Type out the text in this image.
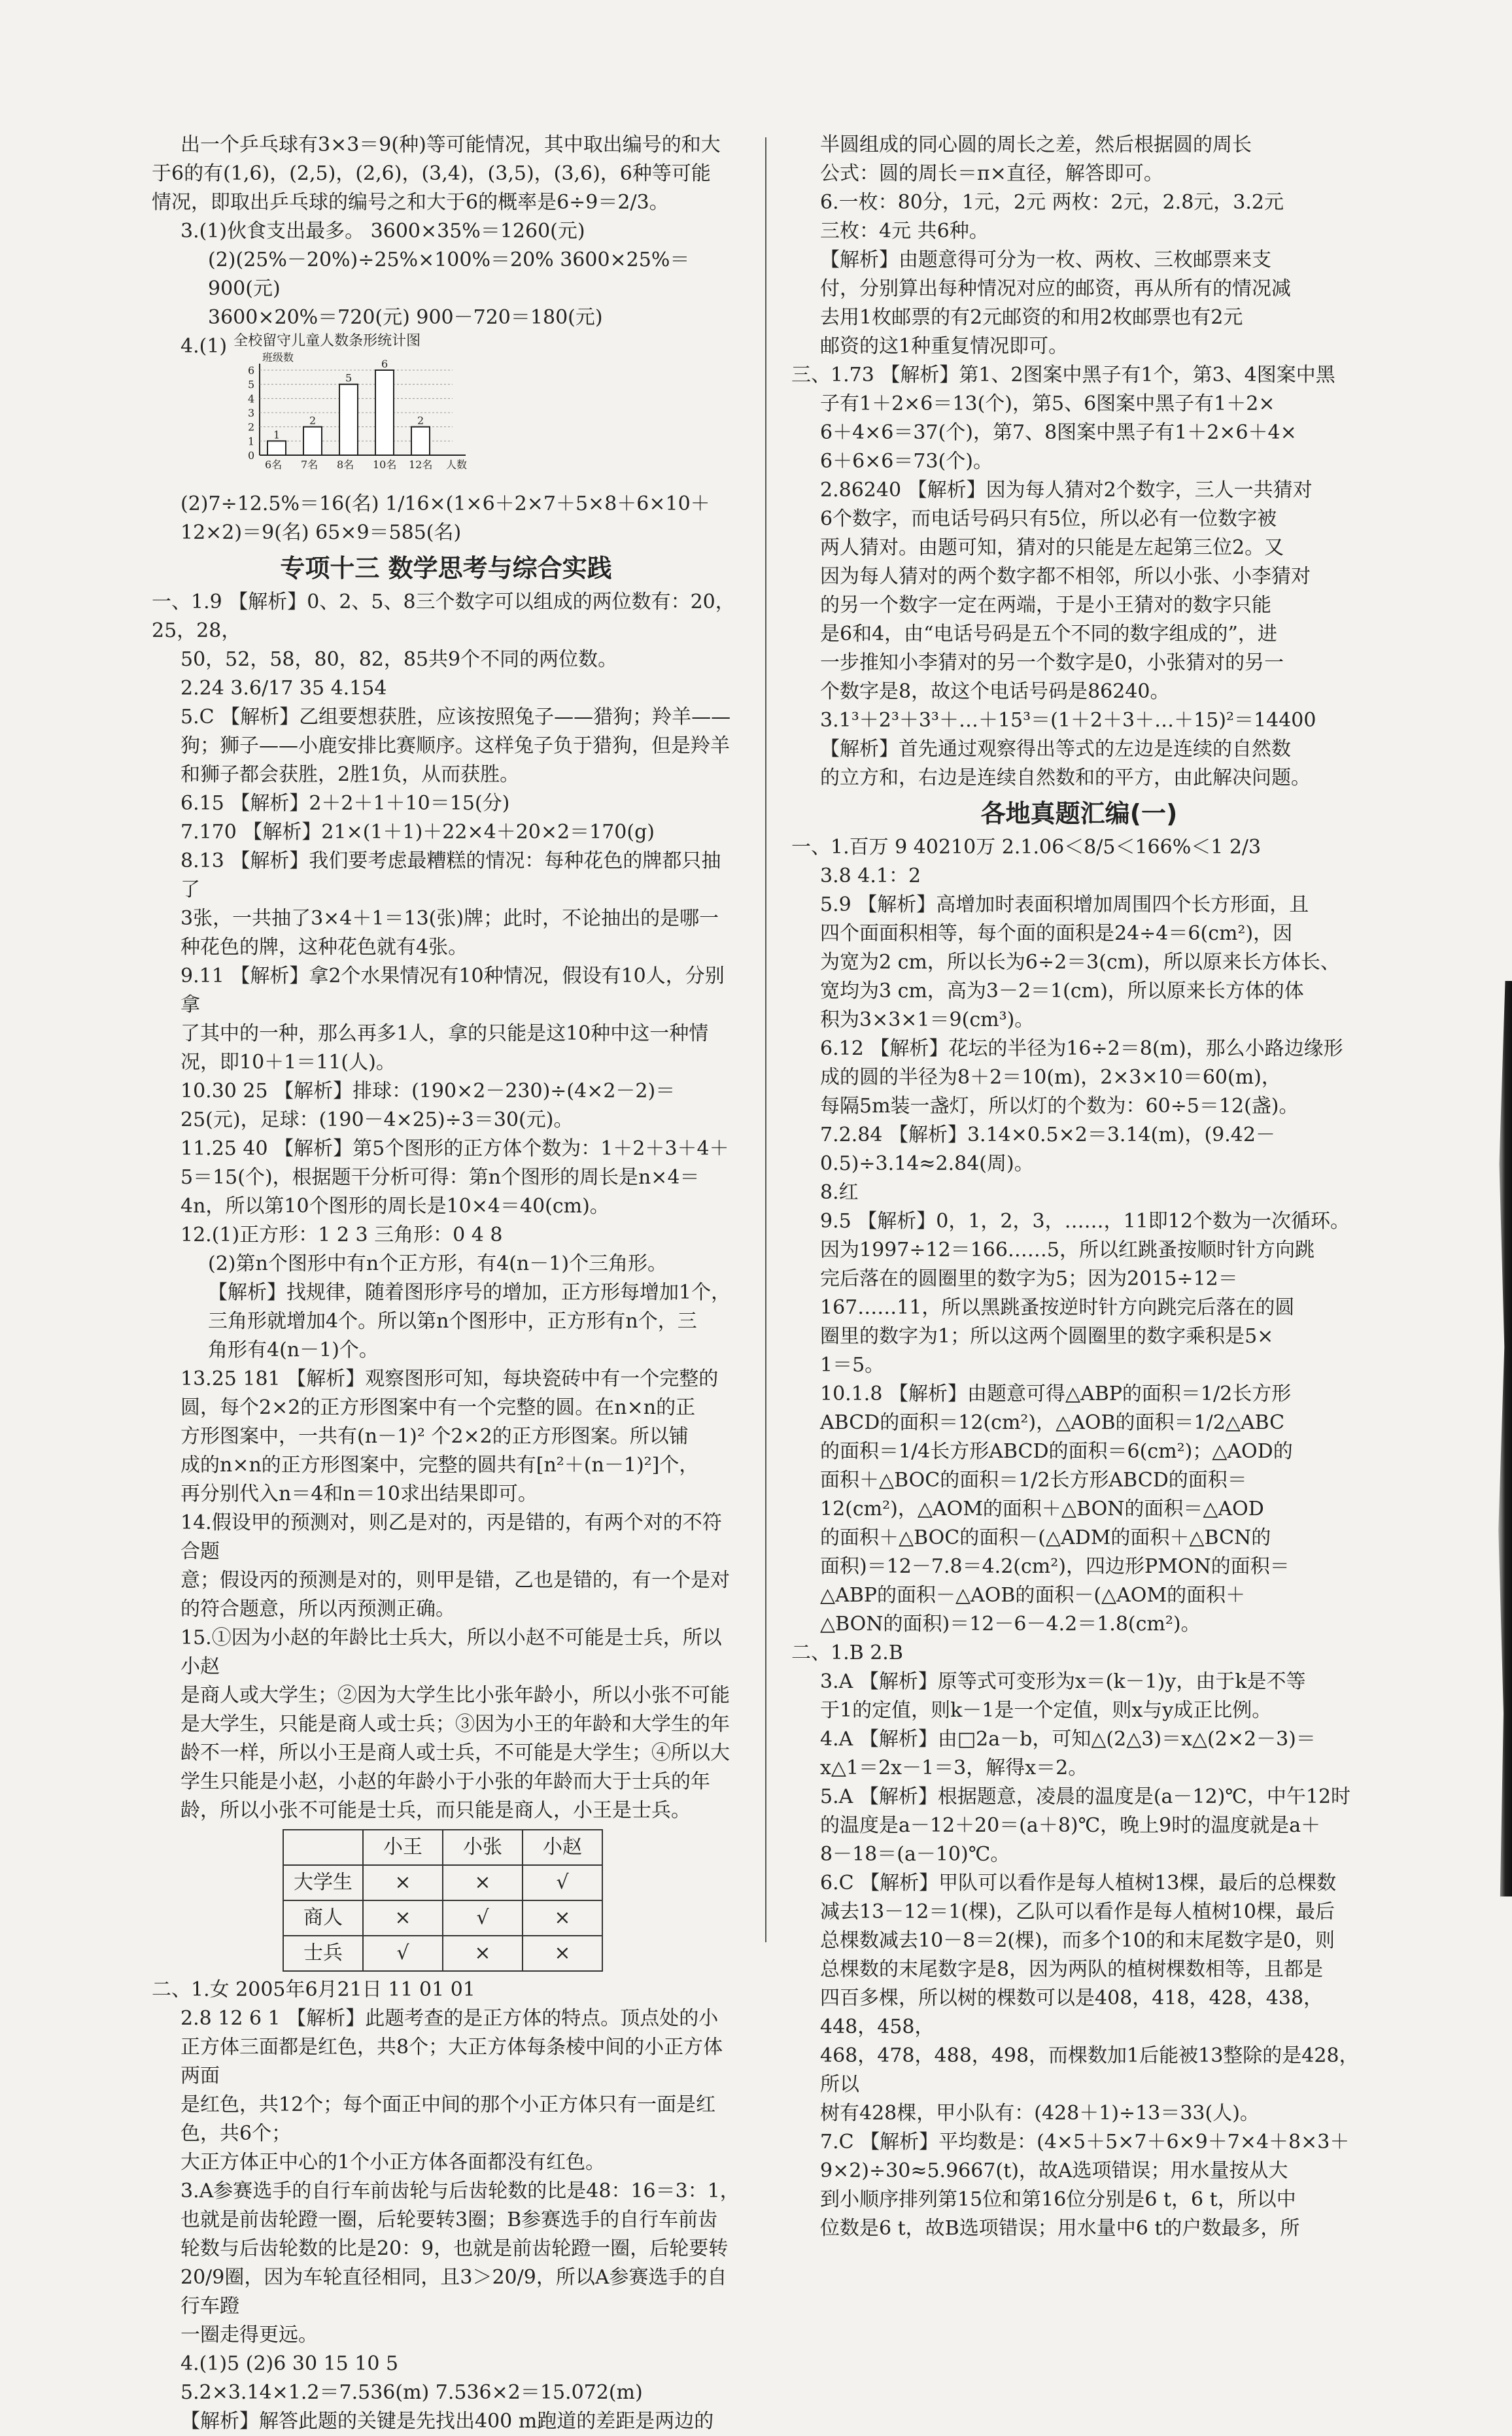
出一个乒乓球有3×3＝9(种)等可能情况，其中取出编号的和大

于6的有(1,6)，(2,5)，(2,6)，(3,4)，(3,5)，(3,6)，6种等可能

情况，即取出乒乓球的编号之和大于6的概率是6÷9＝2/3。

3.(1)伙食支出最多。 3600×35%＝1260(元)

(2)(25%－20%)÷25%×100%＝20% 3600×25%＝900(元)

3600×20%＝720(元) 900－720＝180(元)

4.(1) 全校留守儿童人数条形统计图
班级数
人数
0
1
2
3
4
5
6
1
6名
2
7名
5
8名
6
10名
2
12名

(2)7÷12.5%＝16(名) 1/16×(1×6＋2×7＋5×8＋6×10＋

12×2)＝9(名) 65×9＝585(名)

专项十三 数学思考与综合实践

一、1.9 【解析】0、2、5、8三个数字可以组成的两位数有：20，25，28，

50，52，58，80，82，85共9个不同的两位数。

2.24 3.6/17 35 4.154

5.C 【解析】乙组要想获胜，应该按照兔子——猎狗；羚羊——

狗；狮子——小鹿安排比赛顺序。这样兔子负于猎狗，但是羚羊

和狮子都会获胜，2胜1负，从而获胜。

6.15 【解析】2＋2＋1＋10＝15(分)

7.170 【解析】21×(1＋1)＋22×4＋20×2＝170(g)

8.13 【解析】我们要考虑最糟糕的情况：每种花色的牌都只抽了

3张，一共抽了3×4＋1＝13(张)牌；此时，不论抽出的是哪一

种花色的牌，这种花色就有4张。

9.11 【解析】拿2个水果情况有10种情况，假设有10人，分别拿

了其中的一种，那么再多1人，拿的只能是这10种中这一种情

况，即10＋1＝11(人)。

10.30 25 【解析】排球：(190×2－230)÷(4×2－2)＝

25(元)，足球：(190－4×25)÷3＝30(元)。

11.25 40 【解析】第5个图形的正方体个数为：1＋2＋3＋4＋

5＝15(个)，根据题干分析可得：第n个图形的周长是n×4＝

4n，所以第10个图形的周长是10×4＝40(cm)。

12.(1)正方形：1 2 3 三角形：0 4 8

(2)第n个图形中有n个正方形，有4(n－1)个三角形。

【解析】找规律，随着图形序号的增加，正方形每增加1个，

三角形就增加4个。所以第n个图形中，正方形有n个，三

角形有4(n－1)个。

13.25 181 【解析】观察图形可知，每块瓷砖中有一个完整的

圆，每个2×2的正方形图案中有一个完整的圆。在n×n的正

方形图案中，一共有(n－1)² 个2×2的正方形图案。所以铺

成的n×n的正方形图案中，完整的圆共有[n²＋(n－1)²]个，

再分别代入n＝4和n＝10求出结果即可。

14.假设甲的预测对，则乙是对的，丙是错的，有两个对的不符合题

意；假设丙的预测是对的，则甲是错，乙也是错的，有一个是对

的符合题意，所以丙预测正确。

15.①因为小赵的年龄比士兵大，所以小赵不可能是士兵，所以小赵

是商人或大学生；②因为大学生比小张年龄小，所以小张不可能

是大学生，只能是商人或士兵；③因为小王的年龄和大学生的年

龄不一样，所以小王是商人或士兵，不可能是大学生；④所以大

学生只能是小赵，小赵的年龄小于小张的年龄而大于士兵的年

龄，所以小张不可能是士兵，而只能是商人，小王是士兵。

	小王	小张	小赵
大学生	×	×	√
商人	×	√	×
士兵	√	×	×

二、1.女 2005年6月21日 11 01 01

2.8 12 6 1 【解析】此题考查的是正方体的特点。顶点处的小

正方体三面都是红色，共8个；大正方体每条棱中间的小正方体两面

是红色，共12个；每个面正中间的那个小正方体只有一面是红色，共6个；

大正方体正中心的1个小正方体各面都没有红色。

3.A参赛选手的自行车前齿轮与后齿轮数的比是48：16＝3：1，

也就是前齿轮蹬一圈，后轮要转3圈；B参赛选手的自行车前齿

轮数与后齿轮数的比是20：9，也就是前齿轮蹬一圈，后轮要转

20/9圈，因为车轮直径相同，且3＞20/9，所以A参赛选手的自行车蹬

一圈走得更远。

4.(1)5 (2)6 30 15 10 5

5.2×3.14×1.2＝7.536(m) 7.536×2＝15.072(m)

【解析】解答此题的关键是先找出400 m跑道的差距是两边的

半圆组成的同心圆的周长之差，然后根据圆的周长

公式：圆的周长＝π×直径，解答即可。

6.一枚：80分，1元，2元 两枚：2元，2.8元，3.2元

三枚：4元 共6种。

【解析】由题意得可分为一枚、两枚、三枚邮票来支

付，分别算出每种情况对应的邮资，再从所有的情况减

去用1枚邮票的有2元邮资的和用2枚邮票也有2元

邮资的这1种重复情况即可。

三、1.73 【解析】第1、2图案中黑子有1个，第3、4图案中黑

子有1＋2×6＝13(个)，第5、6图案中黑子有1＋2×

6＋4×6＝37(个)，第7、8图案中黑子有1＋2×6＋4×

6＋6×6＝73(个)。

2.86240 【解析】因为每人猜对2个数字，三人一共猜对

6个数字，而电话号码只有5位，所以必有一位数字被

两人猜对。由题可知，猜对的只能是左起第三位2。又

因为每人猜对的两个数字都不相邻，所以小张、小李猜对

的另一个数字一定在两端，于是小王猜对的数字只能

是6和4，由“电话号码是五个不同的数字组成的”，进

一步推知小李猜对的另一个数字是0，小张猜对的另一

个数字是8，故这个电话号码是86240。

3.1³＋2³＋3³＋…＋15³＝(1＋2＋3＋…＋15)²＝14400

【解析】首先通过观察得出等式的左边是连续的自然数

的立方和，右边是连续自然数和的平方，由此解决问题。

各地真题汇编(一)

一、1.百万 9 40210万 2.1.06＜8/5＜166%＜1 2/3

3.8 4.1：2

5.9 【解析】高增加时表面积增加周围四个长方形面，且

四个面面积相等，每个面的面积是24÷4＝6(cm²)，因

为宽为2 cm，所以长为6÷2＝3(cm)，所以原来长方体长、

宽均为3 cm，高为3－2＝1(cm)，所以原来长方体的体

积为3×3×1＝9(cm³)。

6.12 【解析】花坛的半径为16÷2＝8(m)，那么小路边缘形

成的圆的半径为8＋2＝10(m)，2×3×10＝60(m)，

每隔5m装一盏灯，所以灯的个数为：60÷5＝12(盏)。

7.2.84 【解析】3.14×0.5×2＝3.14(m)，(9.42－

0.5)÷3.14≈2.84(周)。

8.红

9.5 【解析】0，1，2，3，……，11即12个数为一次循环。

因为1997÷12＝166……5，所以红跳蚤按顺时针方向跳

完后落在的圆圈里的数字为5；因为2015÷12＝

167……11，所以黑跳蚤按逆时针方向跳完后落在的圆

圈里的数字为1；所以这两个圆圈里的数字乘积是5×

1＝5。

10.1.8 【解析】由题意可得△ABP的面积＝1/2长方形

ABCD的面积＝12(cm²)，△AOB的面积＝1/2△ABC

的面积＝1/4长方形ABCD的面积＝6(cm²)；△AOD的

面积＋△BOC的面积＝1/2长方形ABCD的面积＝

12(cm²)，△AOM的面积＋△BON的面积＝△AOD

的面积＋△BOC的面积－(△ADM的面积＋△BCN的

面积)＝12－7.8＝4.2(cm²)，四边形PMON的面积＝

△ABP的面积－△AOB的面积－(△AOM的面积＋

△BON的面积)＝12－6－4.2＝1.8(cm²)。

二、1.B 2.B

3.A 【解析】原等式可变形为x＝(k－1)y，由于k是不等

于1的定值，则k－1是一个定值，则x与y成正比例。

4.A 【解析】由□2a－b，可知△(2△3)＝x△(2×2－3)＝

x△1＝2x－1＝3，解得x＝2。

5.A 【解析】根据题意，凌晨的温度是(a－12)℃，中午12时

的温度是a－12＋20＝(a＋8)℃，晚上9时的温度就是a＋

8－18＝(a－10)℃。

6.C 【解析】甲队可以看作是每人植树13棵，最后的总棵数

减去13－12＝1(棵)，乙队可以看作是每人植树10棵，最后

总棵数减去10－8＝2(棵)，而多个10的和末尾数字是0，则

总棵数的末尾数字是8，因为两队的植树棵数相等，且都是

四百多棵，所以树的棵数可以是408，418，428，438，448，458，

468，478，488，498，而棵数加1后能被13整除的是428，所以

树有428棵，甲小队有：(428＋1)÷13＝33(人)。

7.C 【解析】平均数是：(4×5＋5×7＋6×9＋7×4＋8×3＋

9×2)÷30≈5.9667(t)，故A选项错误；用水量按从大

到小顺序排列第15位和第16位分别是6 t，6 t，所以中

位数是6 t，故B选项错误；用水量中6 t的户数最多，所
